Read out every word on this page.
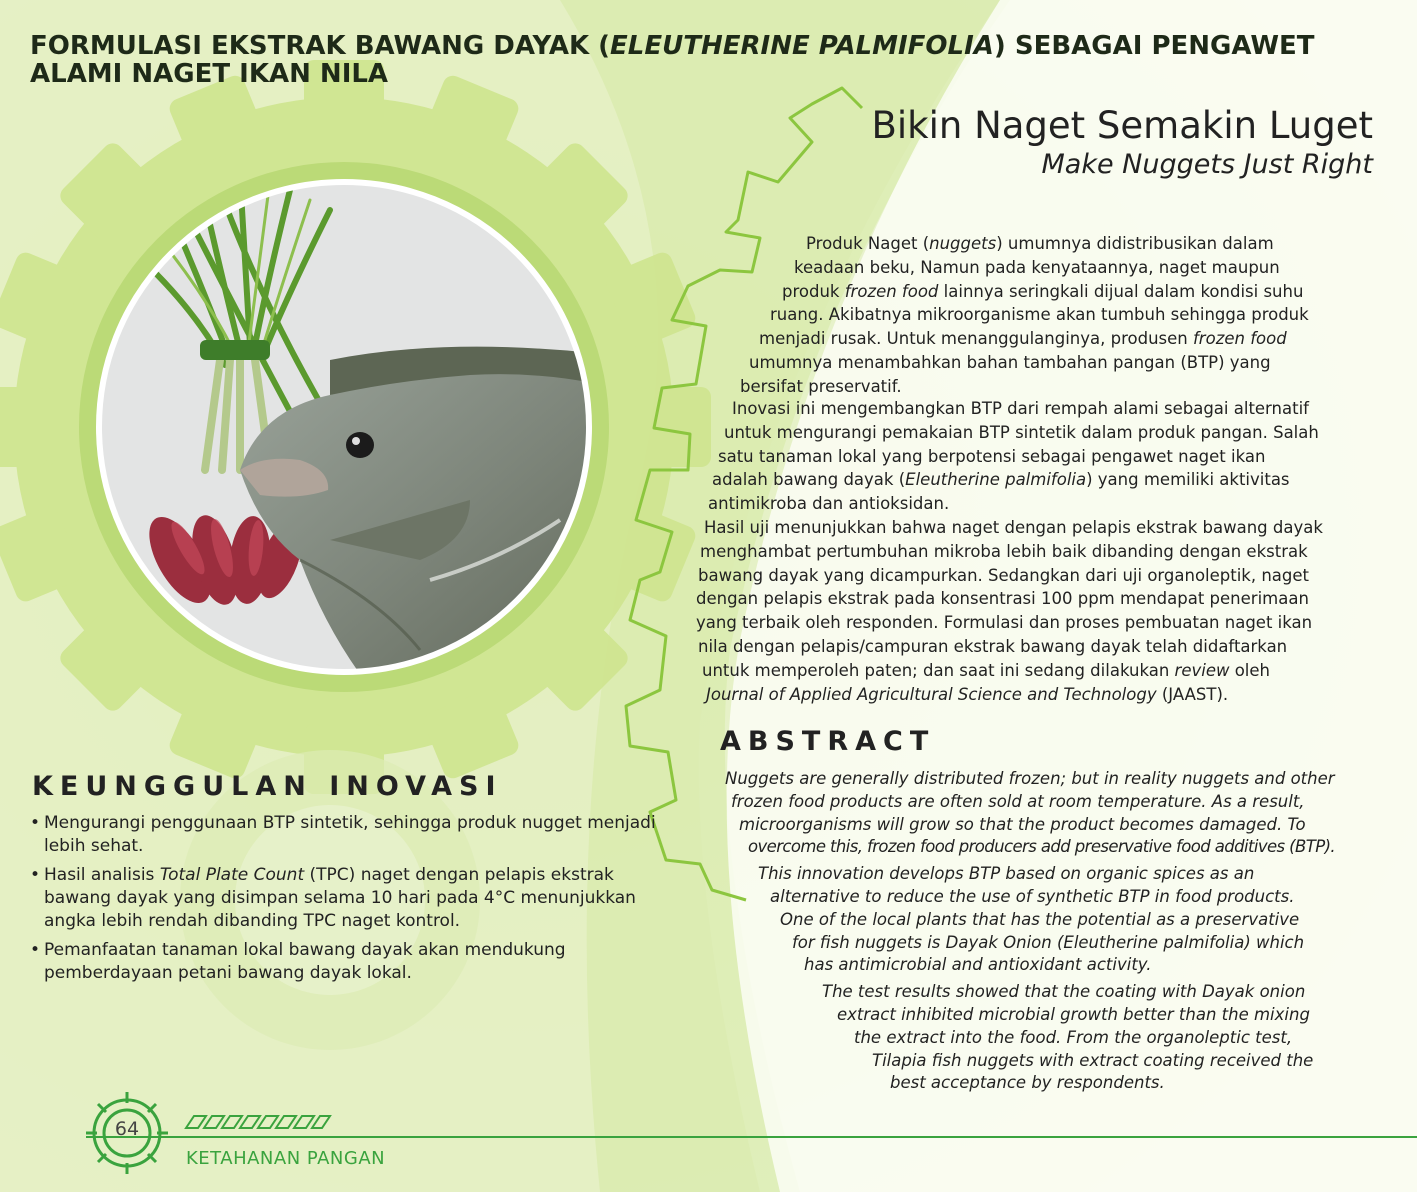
FORMULASI EKSTRAK BAWANG DAYAK (ELEUTHERINE PALMIFOLIA) SEBAGAI PENGAWET
ALAMI NAGET IKAN NILA
Bikin Naget Semakin Luget
Make Nuggets Just Right
Produk Naget (nuggets) umumnya didistribusikan dalam
keadaan beku, Namun pada kenyataannya, naget maupun
produk frozen food lainnya seringkali dijual dalam kondisi suhu
ruang. Akibatnya mikroorganisme akan tumbuh sehingga produk
menjadi rusak. Untuk menanggulanginya, produsen frozen food
umumnya menambahkan bahan tambahan pangan (BTP) yang
bersifat preservatif.
Inovasi ini mengembangkan BTP dari rempah alami sebagai alternatif
untuk mengurangi pemakaian BTP sintetik dalam produk pangan. Salah
satu tanaman lokal yang berpotensi sebagai pengawet naget ikan
adalah bawang dayak (Eleutherine palmifolia) yang memiliki aktivitas
antimikroba dan antioksidan.
Hasil uji menunjukkan bahwa naget dengan pelapis ekstrak bawang dayak
menghambat pertumbuhan mikroba lebih baik dibanding dengan ekstrak
bawang dayak yang dicampurkan. Sedangkan dari uji organoleptik, naget
dengan pelapis ekstrak pada konsentrasi 100 ppm mendapat penerimaan
yang terbaik oleh responden. Formulasi dan proses pembuatan naget ikan
nila dengan pelapis/campuran ekstrak bawang dayak telah didaftarkan
untuk memperoleh paten; dan saat ini sedang dilakukan review oleh
Journal of Applied Agricultural Science and Technology (JAAST).
ABSTRACT

Nuggets are generally distributed frozen; but in reality nuggets and other
frozen food products are often sold at room temperature. As a result,
microorganisms will grow so that the product becomes damaged. To
overcome this, frozen food producers add preservative food additives (BTP).

This innovation develops BTP based on organic spices as an
alternative to reduce the use of synthetic BTP in food products.
One of the local plants that has the potential as a preservative
for fish nuggets is Dayak Onion (Eleutherine palmifolia) which
has antimicrobial and antioxidant activity.

The test results showed that the coating with Dayak onion
extract inhibited microbial growth better than the mixing
the extract into the food. From the organoleptic test,
Tilapia fish nuggets with extract coating received the
best acceptance by respondents.

KEUNGGULAN INOVASI
• Mengurangi penggunaan BTP sintetik, sehingga produk nugget menjadi
lebih sehat.
• Hasil analisis Total Plate Count (TPC) naget dengan pelapis ekstrak
bawang dayak yang disimpan selama 10 hari pada 4°C menunjukkan
angka lebih rendah dibanding TPC naget kontrol.
• Pemanfaatan tanaman lokal bawang dayak akan mendukung
pemberdayaan petani bawang dayak lokal.
64
KETAHANAN PANGAN
